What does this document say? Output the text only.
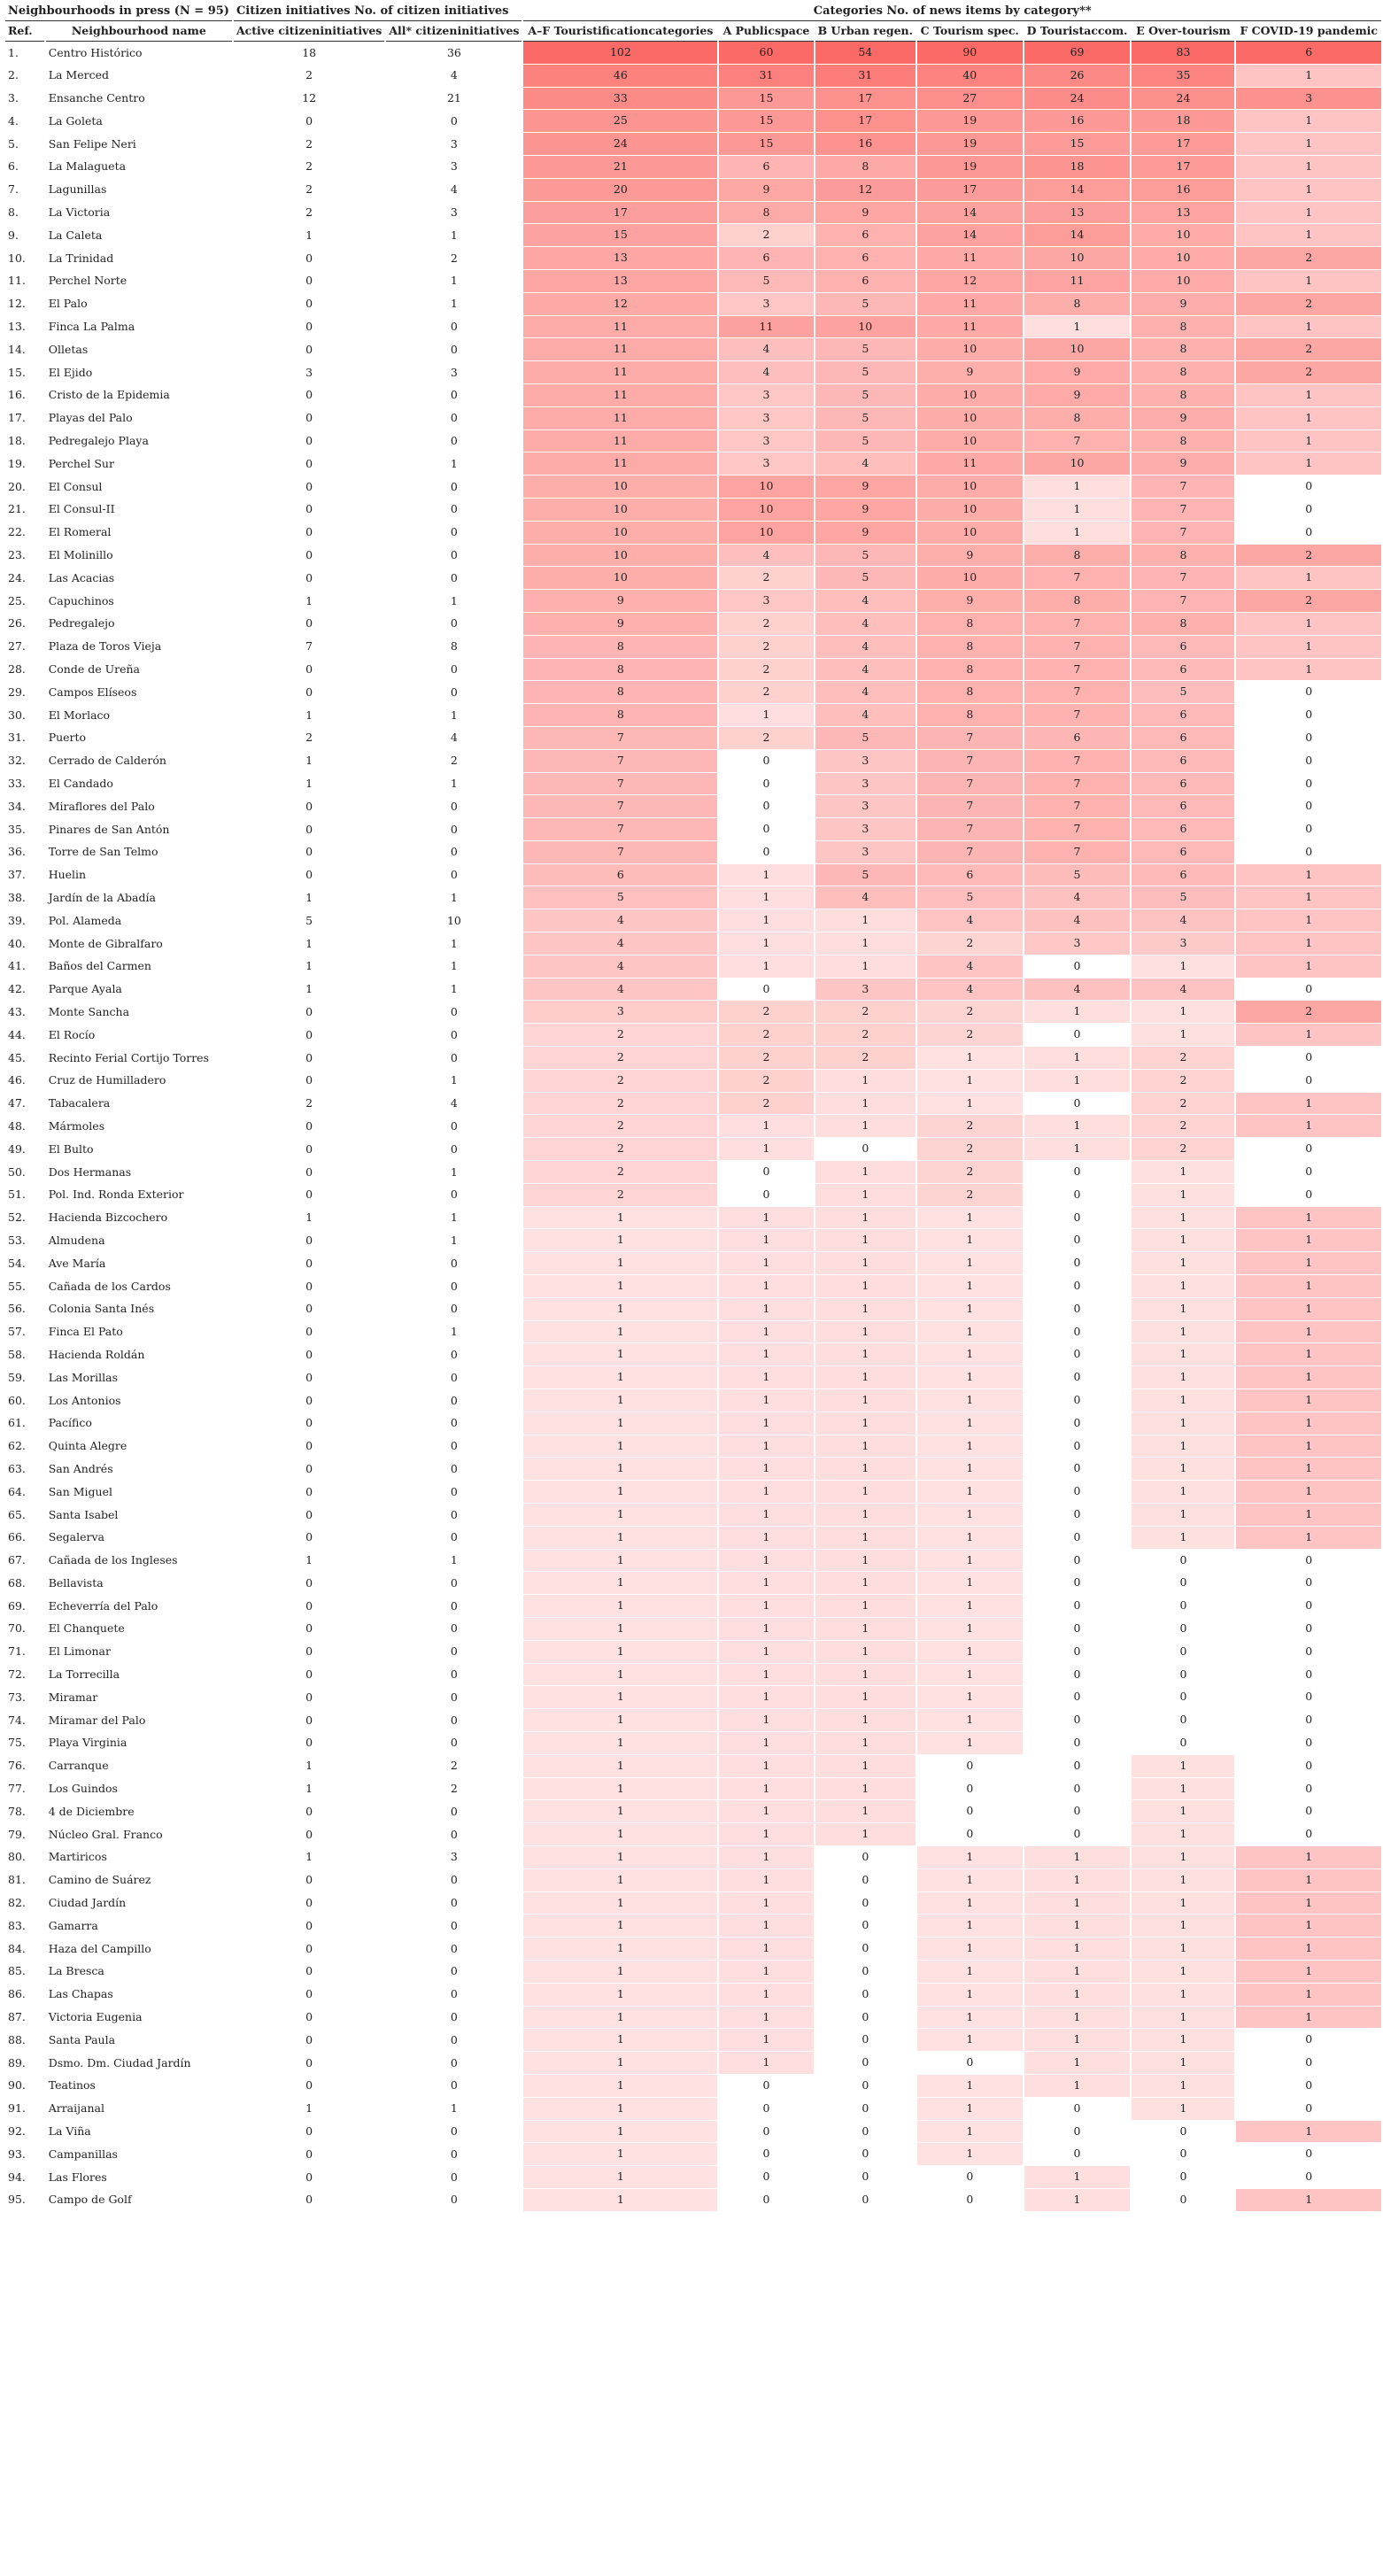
Neighbourhoods in press (N = 95)		Citizen initiatives No. of citizen initiatives		Categories No. of news items by category**						
Ref.	Neighbourhood name	Active citizeninitiatives	All* citizeninitiatives	A–F Touristificationcategories	A Publicspace	B Urban regen.	C Tourism spec.	D Touristaccom.	E Over-tourism	F COVID-19 pandemic
1.	Centro Histórico	18	36	102	60	54	90	69	83	6
2.	La Merced	2	4	46	31	31	40	26	35	1
3.	Ensanche Centro	12	21	33	15	17	27	24	24	3
4.	La Goleta	0	0	25	15	17	19	16	18	1
5.	San Felipe Neri	2	3	24	15	16	19	15	17	1
6.	La Malagueta	2	3	21	6	8	19	18	17	1
7.	Lagunillas	2	4	20	9	12	17	14	16	1
8.	La Victoria	2	3	17	8	9	14	13	13	1
9.	La Caleta	1	1	15	2	6	14	14	10	1
10.	La Trinidad	0	2	13	6	6	11	10	10	2
11.	Perchel Norte	0	1	13	5	6	12	11	10	1
12.	El Palo	0	1	12	3	5	11	8	9	2
13.	Finca La Palma	0	0	11	11	10	11	1	8	1
14.	Olletas	0	0	11	4	5	10	10	8	2
15.	El Ejido	3	3	11	4	5	9	9	8	2
16.	Cristo de la Epidemia	0	0	11	3	5	10	9	8	1
17.	Playas del Palo	0	0	11	3	5	10	8	9	1
18.	Pedregalejo Playa	0	0	11	3	5	10	7	8	1
19.	Perchel Sur	0	1	11	3	4	11	10	9	1
20.	El Consul	0	0	10	10	9	10	1	7	0
21.	El Consul-II	0	0	10	10	9	10	1	7	0
22.	El Romeral	0	0	10	10	9	10	1	7	0
23.	El Molinillo	0	0	10	4	5	9	8	8	2
24.	Las Acacias	0	0	10	2	5	10	7	7	1
25.	Capuchinos	1	1	9	3	4	9	8	7	2
26.	Pedregalejo	0	0	9	2	4	8	7	8	1
27.	Plaza de Toros Vieja	7	8	8	2	4	8	7	6	1
28.	Conde de Ureña	0	0	8	2	4	8	7	6	1
29.	Campos Elíseos	0	0	8	2	4	8	7	5	0
30.	El Morlaco	1	1	8	1	4	8	7	6	0
31.	Puerto	2	4	7	2	5	7	6	6	0
32.	Cerrado de Calderón	1	2	7	0	3	7	7	6	0
33.	El Candado	1	1	7	0	3	7	7	6	0
34.	Miraflores del Palo	0	0	7	0	3	7	7	6	0
35.	Pinares de San Antón	0	0	7	0	3	7	7	6	0
36.	Torre de San Telmo	0	0	7	0	3	7	7	6	0
37.	Huelin	0	0	6	1	5	6	5	6	1
38.	Jardín de la Abadía	1	1	5	1	4	5	4	5	1
39.	Pol. Alameda	5	10	4	1	1	4	4	4	1
40.	Monte de Gibralfaro	1	1	4	1	1	2	3	3	1
41.	Baños del Carmen	1	1	4	1	1	4	0	1	1
42.	Parque Ayala	1	1	4	0	3	4	4	4	0
43.	Monte Sancha	0	0	3	2	2	2	1	1	2
44.	El Rocío	0	0	2	2	2	2	0	1	1
45.	Recinto Ferial Cortijo Torres	0	0	2	2	2	1	1	2	0
46.	Cruz de Humilladero	0	1	2	2	1	1	1	2	0
47.	Tabacalera	2	4	2	2	1	1	0	2	1
48.	Mármoles	0	0	2	1	1	2	1	2	1
49.	El Bulto	0	0	2	1	0	2	1	2	0
50.	Dos Hermanas	0	1	2	0	1	2	0	1	0
51.	Pol. Ind. Ronda Exterior	0	0	2	0	1	2	0	1	0
52.	Hacienda Bizcochero	1	1	1	1	1	1	0	1	1
53.	Almudena	0	1	1	1	1	1	0	1	1
54.	Ave María	0	0	1	1	1	1	0	1	1
55.	Cañada de los Cardos	0	0	1	1	1	1	0	1	1
56.	Colonia Santa Inés	0	0	1	1	1	1	0	1	1
57.	Finca El Pato	0	1	1	1	1	1	0	1	1
58.	Hacienda Roldán	0	0	1	1	1	1	0	1	1
59.	Las Morillas	0	0	1	1	1	1	0	1	1
60.	Los Antonios	0	0	1	1	1	1	0	1	1
61.	Pacífico	0	0	1	1	1	1	0	1	1
62.	Quinta Alegre	0	0	1	1	1	1	0	1	1
63.	San Andrés	0	0	1	1	1	1	0	1	1
64.	San Miguel	0	0	1	1	1	1	0	1	1
65.	Santa Isabel	0	0	1	1	1	1	0	1	1
66.	Segalerva	0	0	1	1	1	1	0	1	1
67.	Cañada de los Ingleses	1	1	1	1	1	1	0	0	0
68.	Bellavista	0	0	1	1	1	1	0	0	0
69.	Echeverría del Palo	0	0	1	1	1	1	0	0	0
70.	El Chanquete	0	0	1	1	1	1	0	0	0
71.	El Limonar	0	0	1	1	1	1	0	0	0
72.	La Torrecilla	0	0	1	1	1	1	0	0	0
73.	Miramar	0	0	1	1	1	1	0	0	0
74.	Miramar del Palo	0	0	1	1	1	1	0	0	0
75.	Playa Virginia	0	0	1	1	1	1	0	0	0
76.	Carranque	1	2	1	1	1	0	0	1	0
77.	Los Guindos	1	2	1	1	1	0	0	1	0
78.	4 de Diciembre	0	0	1	1	1	0	0	1	0
79.	Núcleo Gral. Franco	0	0	1	1	1	0	0	1	0
80.	Martiricos	1	3	1	1	0	1	1	1	1
81.	Camino de Suárez	0	0	1	1	0	1	1	1	1
82.	Ciudad Jardín	0	0	1	1	0	1	1	1	1
83.	Gamarra	0	0	1	1	0	1	1	1	1
84.	Haza del Campillo	0	0	1	1	0	1	1	1	1
85.	La Bresca	0	0	1	1	0	1	1	1	1
86.	Las Chapas	0	0	1	1	0	1	1	1	1
87.	Victoria Eugenia	0	0	1	1	0	1	1	1	1
88.	Santa Paula	0	0	1	1	0	1	1	1	0
89.	Dsmo. Dm. Ciudad Jardín	0	0	1	1	0	0	1	1	0
90.	Teatinos	0	0	1	0	0	1	1	1	0
91.	Arraijanal	1	1	1	0	0	1	0	1	0
92.	La Viña	0	0	1	0	0	1	0	0	1
93.	Campanillas	0	0	1	0	0	1	0	0	0
94.	Las Flores	0	0	1	0	0	0	1	0	0
95.	Campo de Golf	0	0	1	0	0	0	1	0	1
